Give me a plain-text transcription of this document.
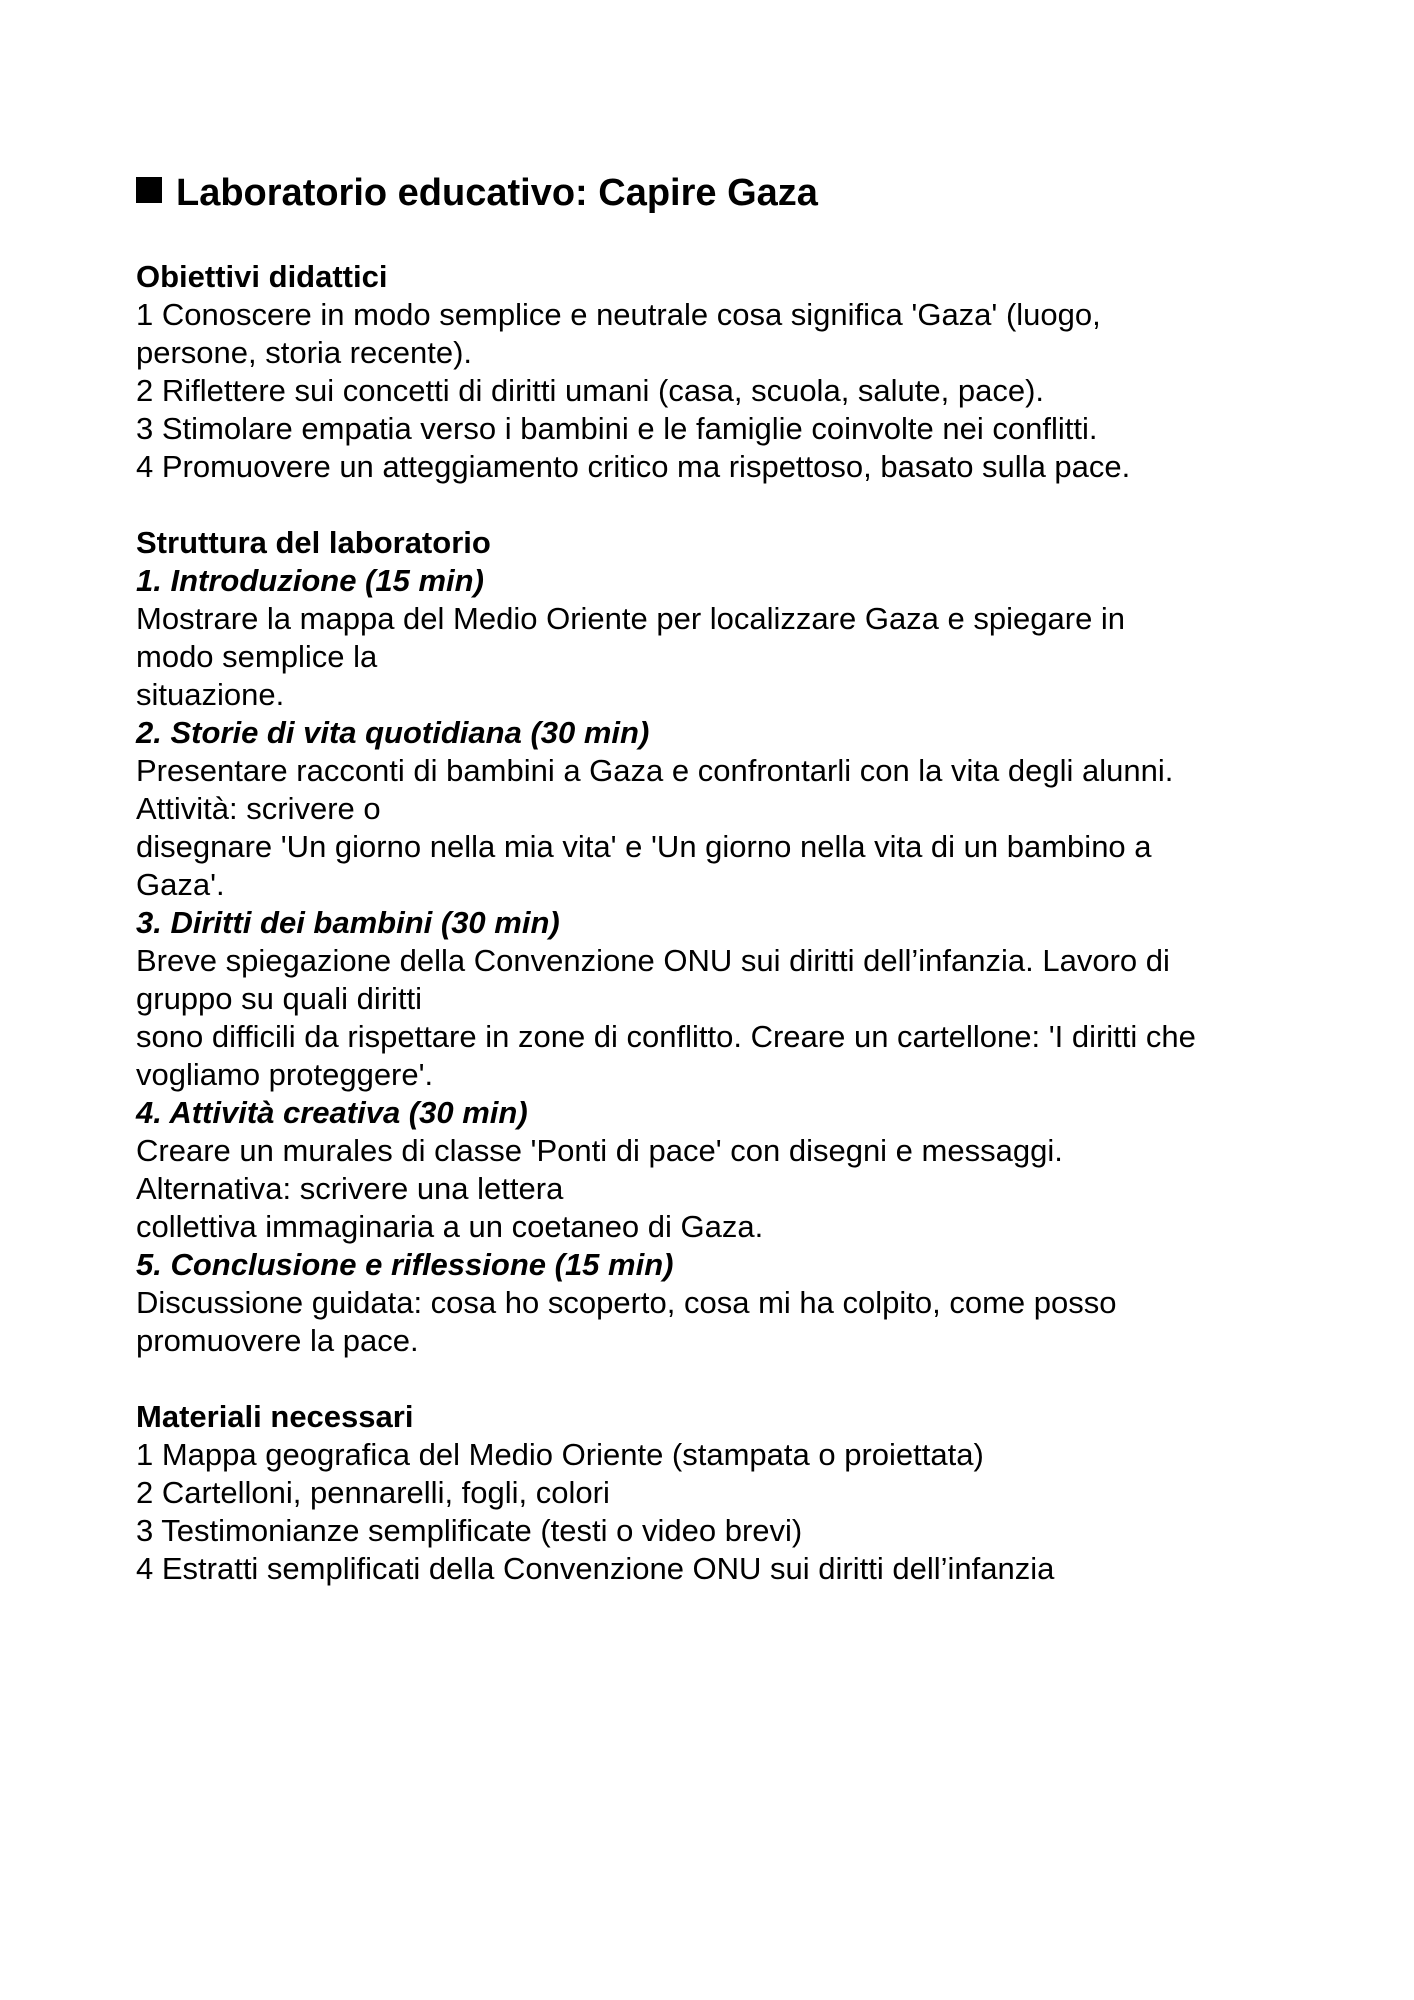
Laboratorio educativo: Capire Gaza

Obiettivi didattici

1 Conoscere in modo semplice e neutrale cosa significa 'Gaza' (luogo,

persone, storia recente).

2 Riflettere sui concetti di diritti umani (casa, scuola, salute, pace).

3 Stimolare empatia verso i bambini e le famiglie coinvolte nei conflitti.

4 Promuovere un atteggiamento critico ma rispettoso, basato sulla pace.

Struttura del laboratorio

1. Introduzione (15 min)

Mostrare la mappa del Medio Oriente per localizzare Gaza e spiegare in

modo semplice la

situazione.

2. Storie di vita quotidiana (30 min)

Presentare racconti di bambini a Gaza e confrontarli con la vita degli alunni.

Attività: scrivere o

disegnare 'Un giorno nella mia vita' e 'Un giorno nella vita di un bambino a

Gaza'.

3. Diritti dei bambini (30 min)

Breve spiegazione della Convenzione ONU sui diritti dell’infanzia. Lavoro di

gruppo su quali diritti

sono difficili da rispettare in zone di conflitto. Creare un cartellone: 'I diritti che

vogliamo proteggere'.

4. Attività creativa (30 min)

Creare un murales di classe 'Ponti di pace' con disegni e messaggi.

Alternativa: scrivere una lettera

collettiva immaginaria a un coetaneo di Gaza.

5. Conclusione e riflessione (15 min)

Discussione guidata: cosa ho scoperto, cosa mi ha colpito, come posso

promuovere la pace.

Materiali necessari

1 Mappa geografica del Medio Oriente (stampata o proiettata)

2 Cartelloni, pennarelli, fogli, colori

3 Testimonianze semplificate (testi o video brevi)

4 Estratti semplificati della Convenzione ONU sui diritti dell’infanzia
